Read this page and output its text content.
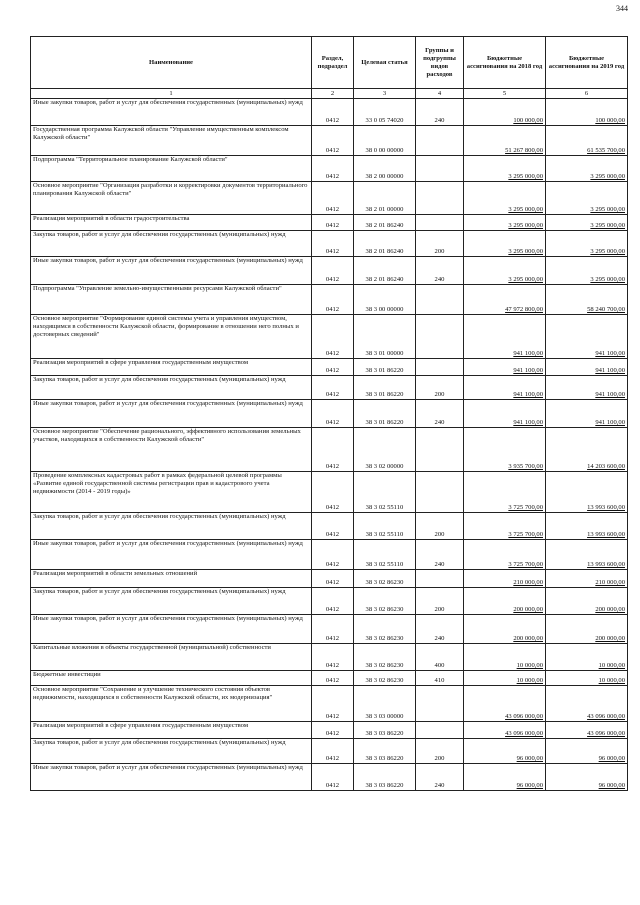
344
Наименование	Раздел, подраздел	Целевая статья	Группы и подгруппы видов расходов	Бюджетные ассигнования на 2018 год	Бюджетные ассигнования на 2019 год
1	2	3	4	5	6
Иные закупки товаров, работ и услуг для обеспечения государственных (муниципальных) нужд	0412	33 0 05 74020	240	100 000,00	100 000,00
Государственная программа Калужской области "Управление имущественным комплексом Калужской области"	0412	38 0 00 00000		51 267 800,00	61 535 700,00
Подпрограмма "Территориальное планирование Калужской области"	0412	38 2 00 00000		3 295 000,00	3 295 000,00
Основное мероприятие "Организация разработки и корректировки документов территориального планирования Калужской области"	0412	38 2 01 00000		3 295 000,00	3 295 000,00
Реализация мероприятий в области градостроительства	0412	38 2 01 86240		3 295 000,00	3 295 000,00
Закупка товаров, работ и услуг для обеспечения государственных (муниципальных) нужд	0412	38 2 01 86240	200	3 295 000,00	3 295 000,00
Иные закупки товаров, работ и услуг для обеспечения государственных (муниципальных) нужд	0412	38 2 01 86240	240	3 295 000,00	3 295 000,00
Подпрограмма "Управление земельно-имущественными ресурсами Калужской области"	0412	38 3 00 00000		47 972 800,00	58 240 700,00
Основное мероприятие "Формирование единой системы учета и управления имуществом, находящимся в собственности Калужской области, формирование в отношении него полных и достоверных сведений"	0412	38 3 01 00000		941 100,00	941 100,00
Реализация мероприятий в сфере управления государственным имуществом	0412	38 3 01 86220		941 100,00	941 100,00
Закупка товаров, работ и услуг для обеспечения государственных (муниципальных) нужд	0412	38 3 01 86220	200	941 100,00	941 100,00
Иные закупки товаров, работ и услуг для обеспечения государственных (муниципальных) нужд	0412	38 3 01 86220	240	941 100,00	941 100,00
Основное мероприятие "Обеспечение рационального, эффективного использования земельных участков, находящихся в собственности Калужской области"	0412	38 3 02 00000		3 935 700,00	14 203 600,00
Проведение комплексных кадастровых работ в рамках федеральной целевой программы «Развитие единой государственной системы регистрации прав и кадастрового учета недвижимости (2014 - 2019 годы)»	0412	38 3 02 55110		3 725 700,00	13 993 600,00
Закупка товаров, работ и услуг для обеспечения государственных (муниципальных) нужд	0412	38 3 02 55110	200	3 725 700,00	13 993 600,00
Иные закупки товаров, работ и услуг для обеспечения государственных (муниципальных) нужд	0412	38 3 02 55110	240	3 725 700,00	13 993 600,00
Реализация мероприятий в области земельных отношений	0412	38 3 02 86230		210 000,00	210 000,00
Закупка товаров, работ и услуг для обеспечения государственных (муниципальных) нужд	0412	38 3 02 86230	200	200 000,00	200 000,00
Иные закупки товаров, работ и услуг для обеспечения государственных (муниципальных) нужд	0412	38 3 02 86230	240	200 000,00	200 000,00
Капитальные вложения в объекты государственной (муниципальной) собственности	0412	38 3 02 86230	400	10 000,00	10 000,00
Бюджетные инвестиции	0412	38 3 02 86230	410	10 000,00	10 000,00
Основное мероприятие "Сохранение и улучшение технического состояния объектов недвижимости, находящихся в собственности Калужской области, их модернизация"	0412	38 3 03 00000		43 096 000,00	43 096 000,00
Реализация мероприятий в сфере управления государственным имуществом	0412	38 3 03 86220		43 096 000,00	43 096 000,00
Закупка товаров, работ и услуг для обеспечения государственных (муниципальных) нужд	0412	38 3 03 86220	200	96 000,00	96 000,00
Иные закупки товаров, работ и услуг для обеспечения государственных (муниципальных) нужд	0412	38 3 03 86220	240	96 000,00	96 000,00
